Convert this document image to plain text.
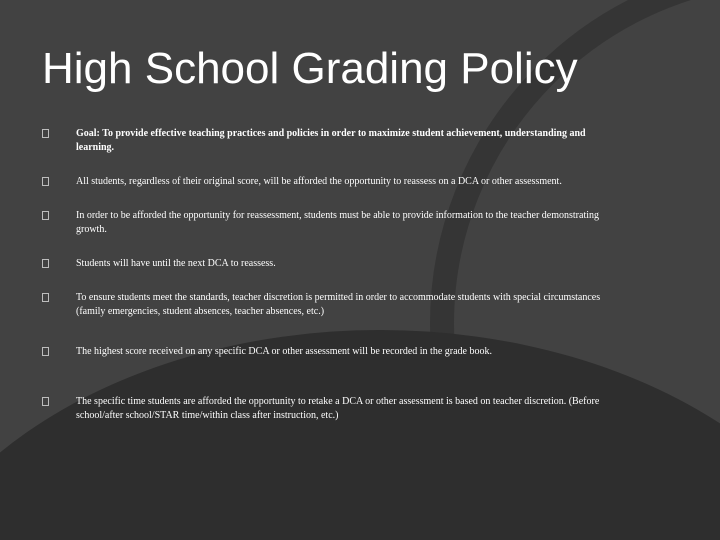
High School Grading Policy
Goal: To provide effective teaching practices and policies in order to maximize student achievement, understanding and learning.
All students, regardless of their original score, will be afforded the opportunity to reassess on a DCA or other assessment.
In order to be afforded the opportunity for reassessment, students must be able to provide information to the teacher demonstrating growth.
Students will have until the next DCA to reassess.
To ensure students meet the standards, teacher discretion is permitted in order to accommodate students with special circumstances (family emergencies, student absences, teacher absences, etc.)
The highest score received on any specific DCA or other assessment will be recorded in the grade book.
The specific time students are afforded the opportunity to retake a DCA or other assessment is based on teacher discretion. (Before school/after school/STAR time/within class after instruction, etc.)
